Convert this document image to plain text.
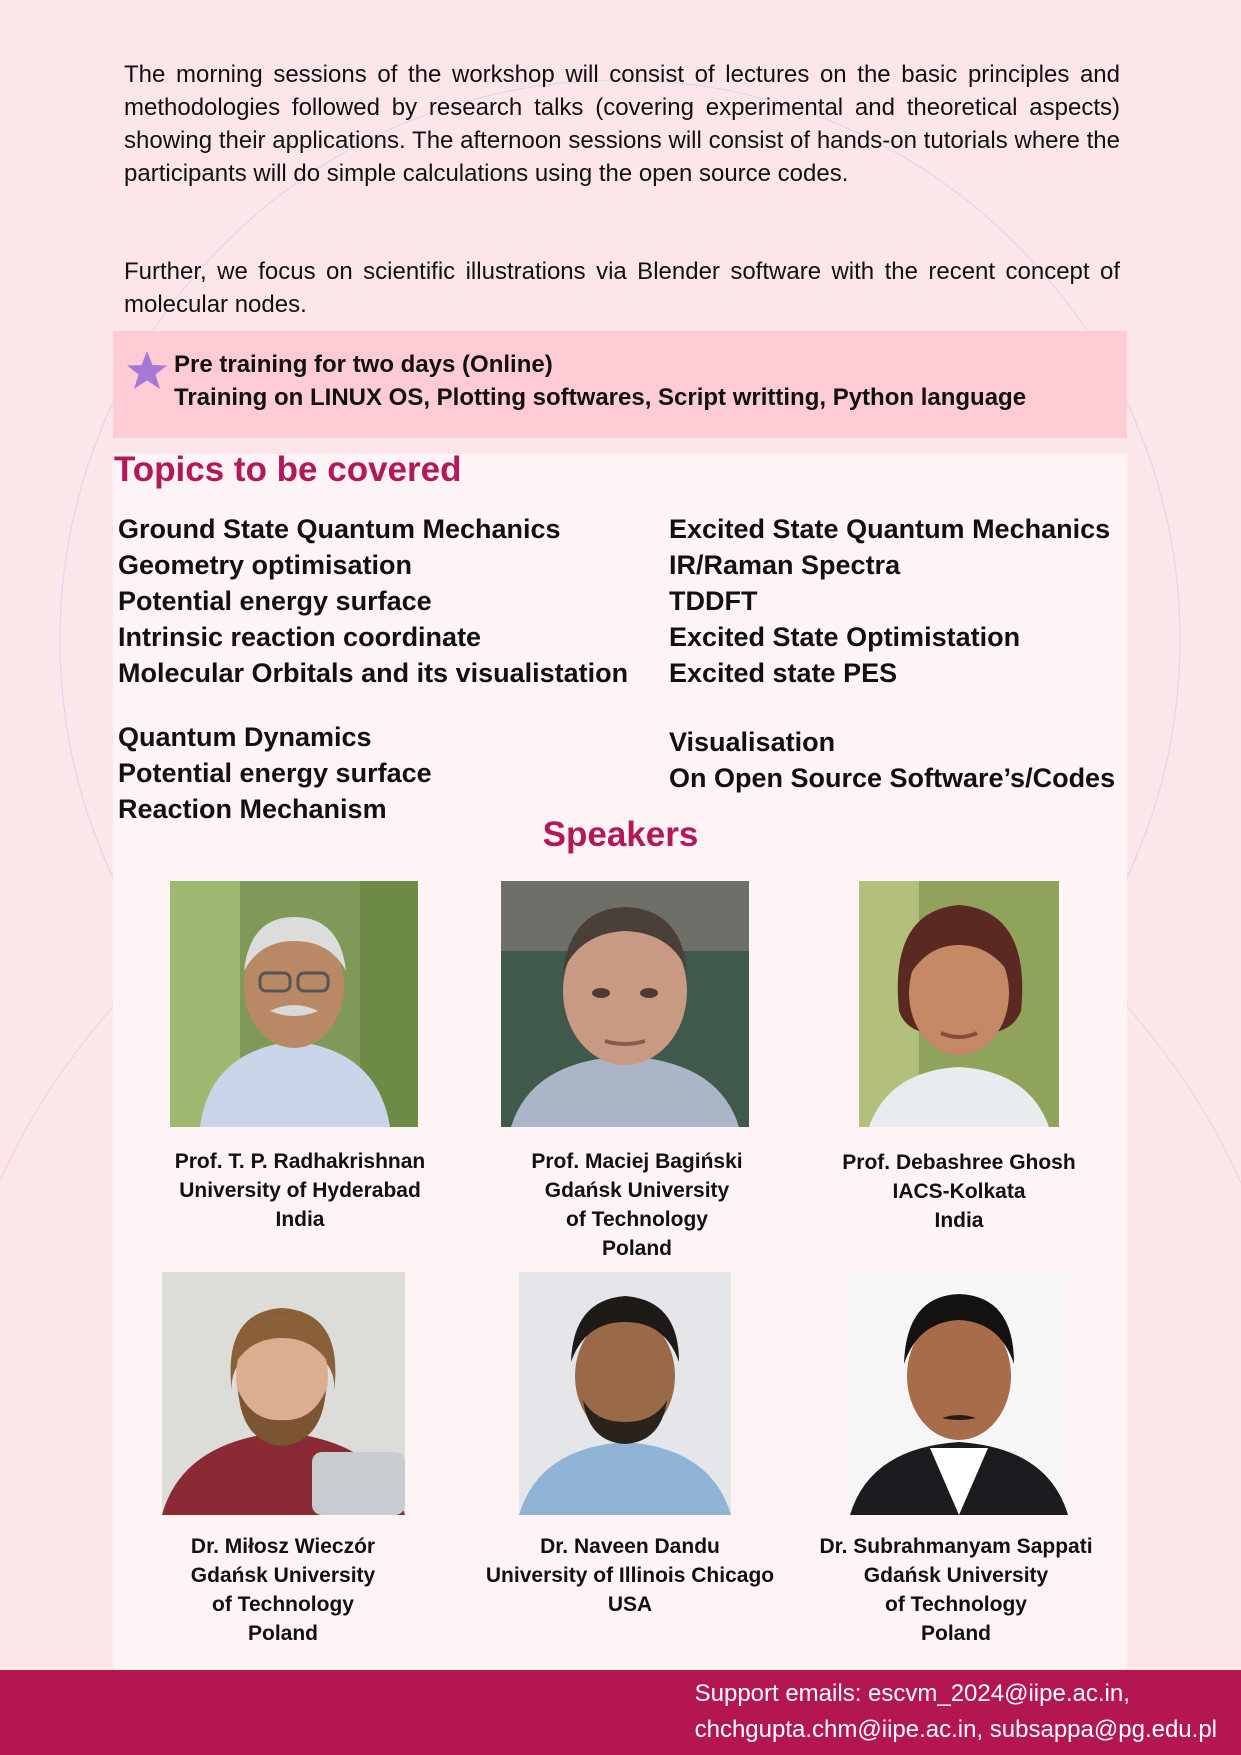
The morning sessions of the workshop will consist of lectures on the basic principles and methodologies followed by research talks (covering experimental and theoretical aspects) showing their applications. The afternoon sessions will consist of hands-on tutorials where the participants will do simple calculations using the open source codes.

Further, we focus on scientific illustrations via Blender software with the recent concept of molecular nodes.

Pre training for two days (Online)
Training on LINUX OS, Plotting softwares, Script writting, Python language
Topics to be covered
Ground State Quantum Mechanics
Geometry optimisation
Potential energy surface
Intrinsic reaction coordinate
Molecular Orbitals and its visualistation
Quantum Dynamics
Potential energy surface
Reaction Mechanism
Excited State Quantum Mechanics
IR/Raman Spectra
TDDFT
Excited State Optimistation
Excited state PES
Visualisation
On Open Source Software’s/Codes
Speakers
Prof. T. P. Radhakrishnan
University of Hyderabad
India
Prof. Maciej Bagiński
Gdańsk University
of Technology
Poland
Prof. Debashree Ghosh
IACS-Kolkata
India
Dr. Miłosz Wieczór
Gdańsk University
of Technology
Poland
Dr. Naveen Dandu
University of Illinois Chicago
USA
Dr. Subrahmanyam Sappati
Gdańsk University
of Technology
Poland
Support emails: escvm_2024@iipe.ac.in,
chchgupta.chm@iipe.ac.in, subsappa@pg.edu.pl
